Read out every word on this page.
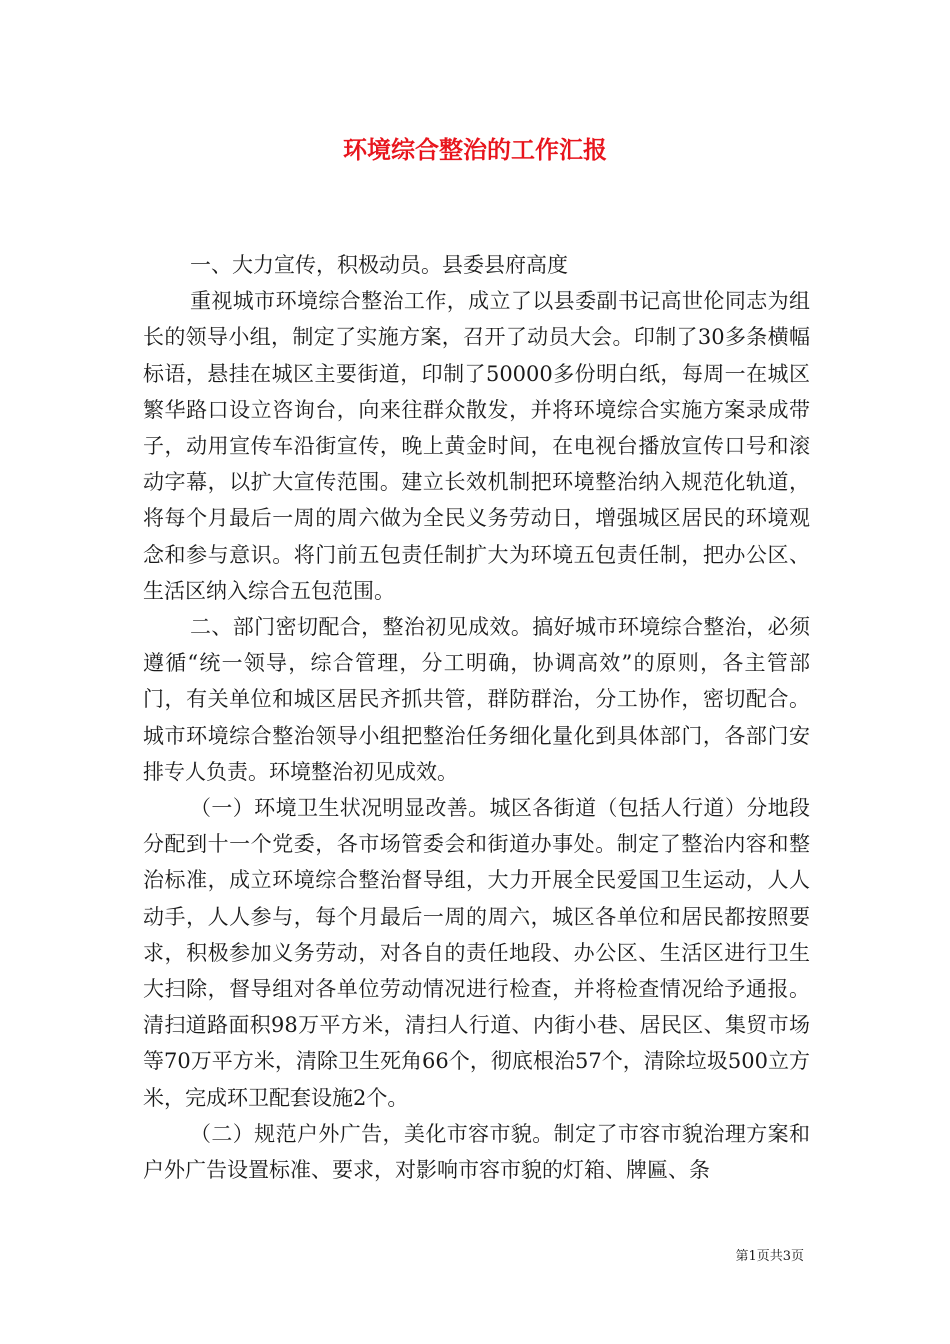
环境综合整治的工作汇报

一、大力宣传，积极动员。县委县府高度

重视城市环境综合整治工作，成立了以县委副书记高世伦同志为组长的领导小组，制定了实施方案，召开了动员大会。印制了30多条横幅标语，悬挂在城区主要街道，印制了50000多份明白纸，每周一在城区繁华路口设立咨询台，向来往群众散发，并将环境综合实施方案录成带子，动用宣传车沿街宣传，晚上黄金时间，在电视台播放宣传口号和滚动字幕，以扩大宣传范围。建立长效机制把环境整治纳入规范化轨道，将每个月最后一周的周六做为全民义务劳动日，增强城区居民的环境观念和参与意识。将门前五包责任制扩大为环境五包责任制，把办公区、生活区纳入综合五包范围。

二、部门密切配合，整治初见成效。搞好城市环境综合整治，必须遵循“统一领导，综合管理，分工明确，协调高效”的原则，各主管部门，有关单位和城区居民齐抓共管，群防群治，分工协作，密切配合。城市环境综合整治领导小组把整治任务细化量化到具体部门，各部门安排专人负责。环境整治初见成效。

（一）环境卫生状况明显改善。城区各街道（包括人行道）分地段分配到十一个党委，各市场管委会和街道办事处。制定了整治内容和整治标准，成立环境综合整治督导组，大力开展全民爱国卫生运动，人人动手，人人参与，每个月最后一周的周六，城区各单位和居民都按照要求，积极参加义务劳动，对各自的责任地段、办公区、生活区进行卫生大扫除，督导组对各单位劳动情况进行检查，并将检查情况给予通报。清扫道路面积98万平方米，清扫人行道、内街小巷、居民区、集贸市场等70万平方米，清除卫生死角66个，彻底根治57个，清除垃圾500立方米，完成环卫配套设施2个。

（二）规范户外广告，美化市容市貌。制定了市容市貌治理方案和户外广告设置标准、要求，对影响市容市貌的灯箱、牌匾、条

第1页共3页
